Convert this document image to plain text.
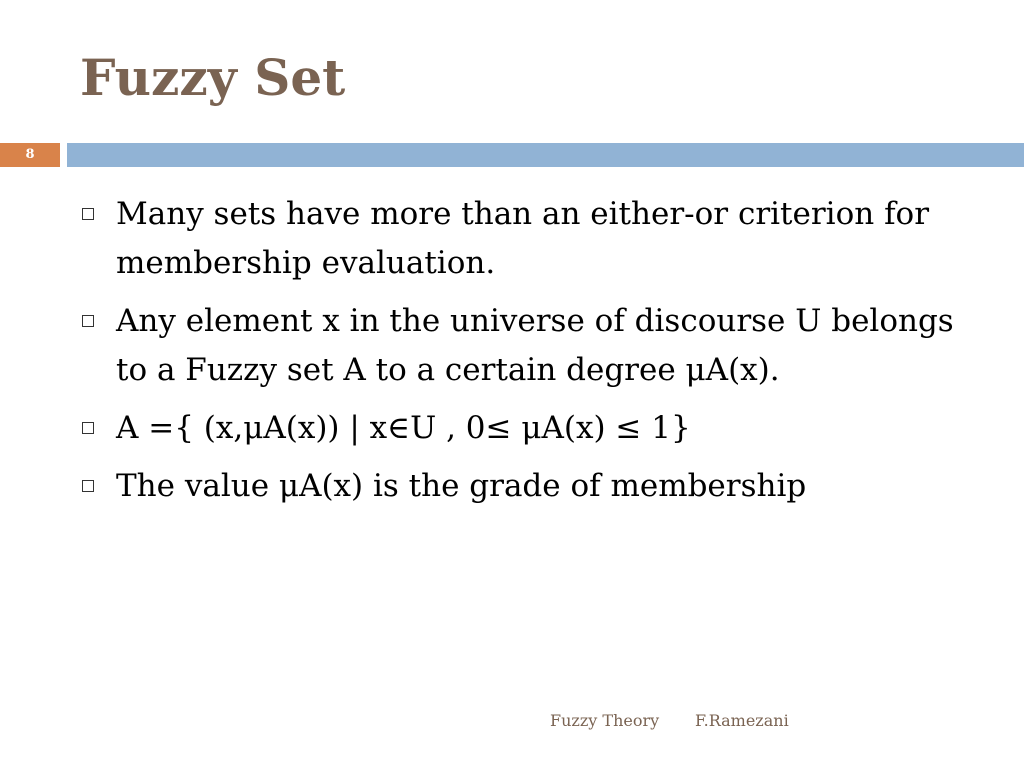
Fuzzy Set
8
Many sets have more than an either-or criterion for membership evaluation.
Any element x in the universe of discourse U belongs to a Fuzzy set A to a certain degree μA(x).
A ={ (x,μA(x)) | x∈U , 0≤ μA(x) ≤ 1}
The value μA(x) is the grade of membership
Fuzzy Theory F.Ramezani
